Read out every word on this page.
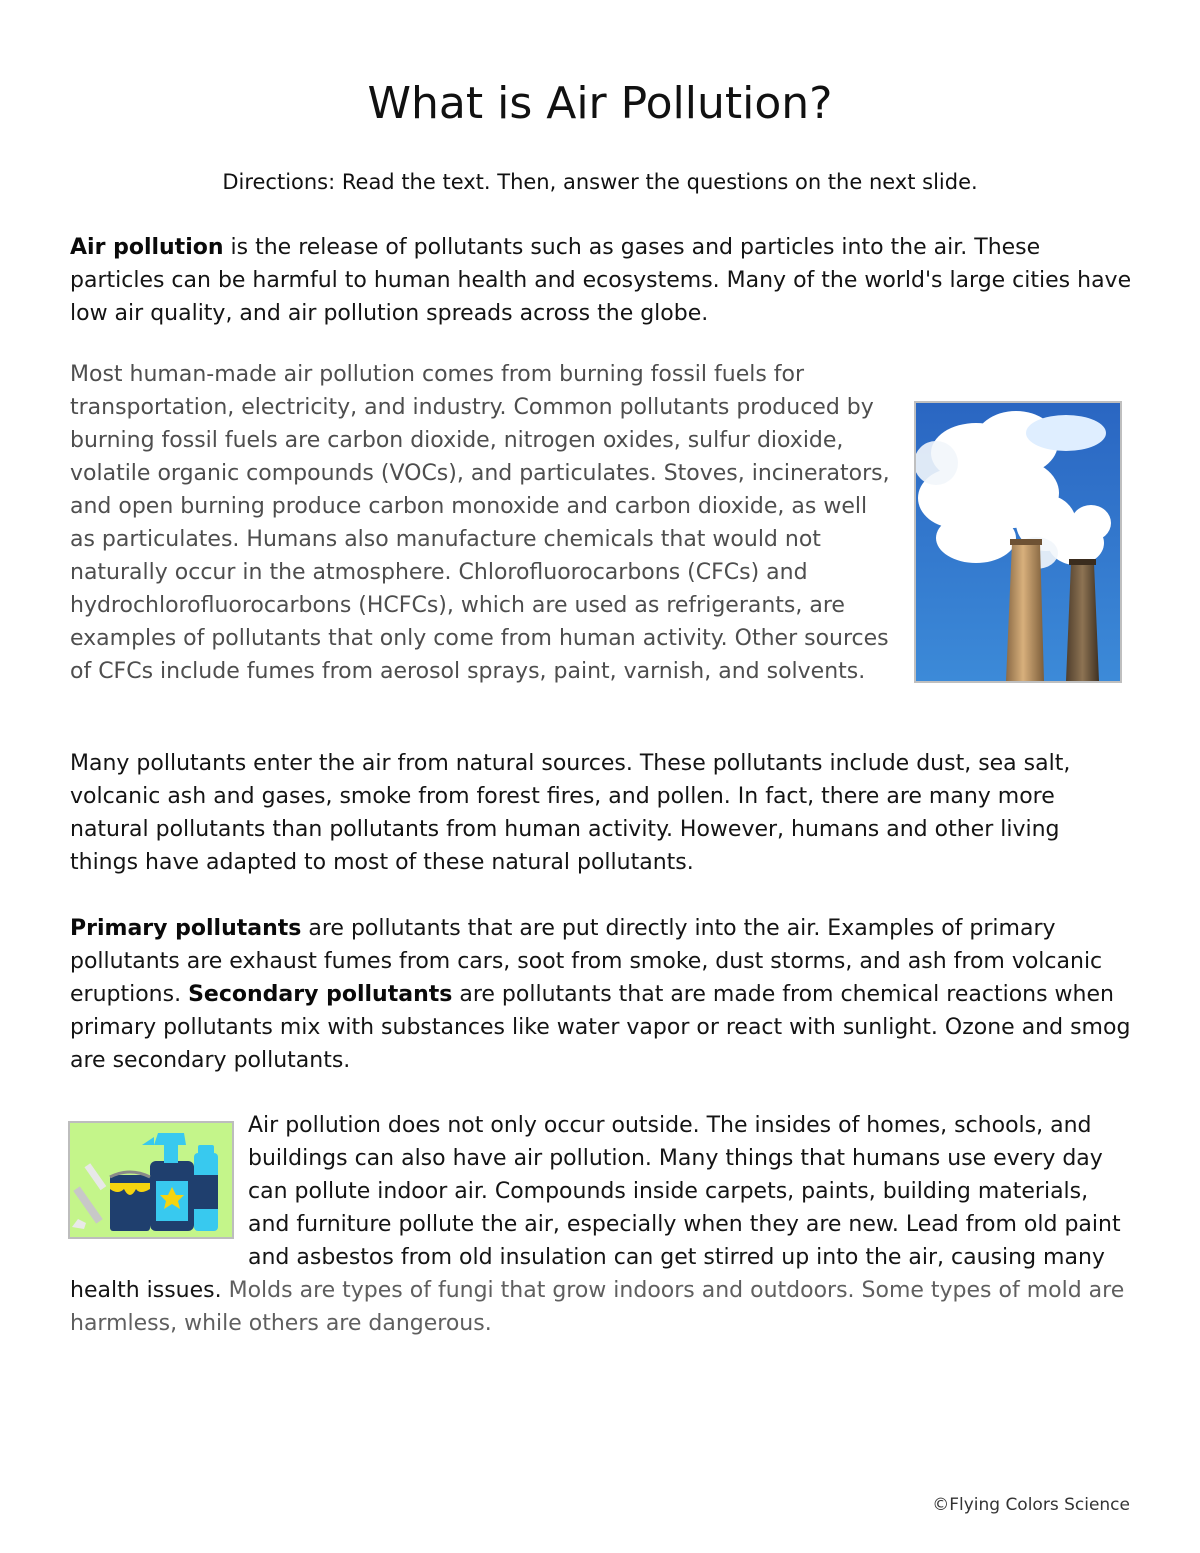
What is Air Pollution?
Directions: Read the text. Then, answer the questions on the next slide.

Air pollution is the release of pollutants such as gases and particles into the air. These particles can be harmful to human health and ecosystems. Many of the world's large cities have low air quality, and air pollution spreads across the globe.

Most human-made air pollution comes from burning fossil fuels for transportation, electricity, and industry. Common pollutants produced by burning fossil fuels are carbon dioxide, nitrogen oxides, sulfur dioxide, volatile organic compounds (VOCs), and particulates. Stoves, incinerators, and open burning produce carbon monoxide and carbon dioxide, as well as particulates. Humans also manufacture chemicals that would not naturally occur in the atmosphere. Chlorofluorocarbons (CFCs) and hydrochlorofluorocarbons (HCFCs), which are used as refrigerants, are examples of pollutants that only come from human activity. Other sources of CFCs include fumes from aerosol sprays, paint, varnish, and solvents.

Many pollutants enter the air from natural sources. These pollutants include dust, sea salt, volcanic ash and gases, smoke from forest fires, and pollen. In fact, there are many more natural pollutants than pollutants from human activity. However, humans and other living things have adapted to most of these natural pollutants.

Primary pollutants are pollutants that are put directly into the air. Examples of primary pollutants are exhaust fumes from cars, soot from smoke, dust storms, and ash from volcanic eruptions. Secondary pollutants are pollutants that are made from chemical reactions when primary pollutants mix with substances like water vapor or react with sunlight. Ozone and smog are secondary pollutants.

Air pollution does not only occur outside. The insides of homes, schools, and buildings can also have air pollution. Many things that humans use every day can pollute indoor air. Compounds inside carpets, paints, building materials, and furniture pollute the air, especially when they are new. Lead from old paint and asbestos from old insulation can get stirred up into the air, causing many health issues. Molds are types of fungi that grow indoors and outdoors. Some types of mold are harmless, while others are dangerous.
©Flying Colors Science
